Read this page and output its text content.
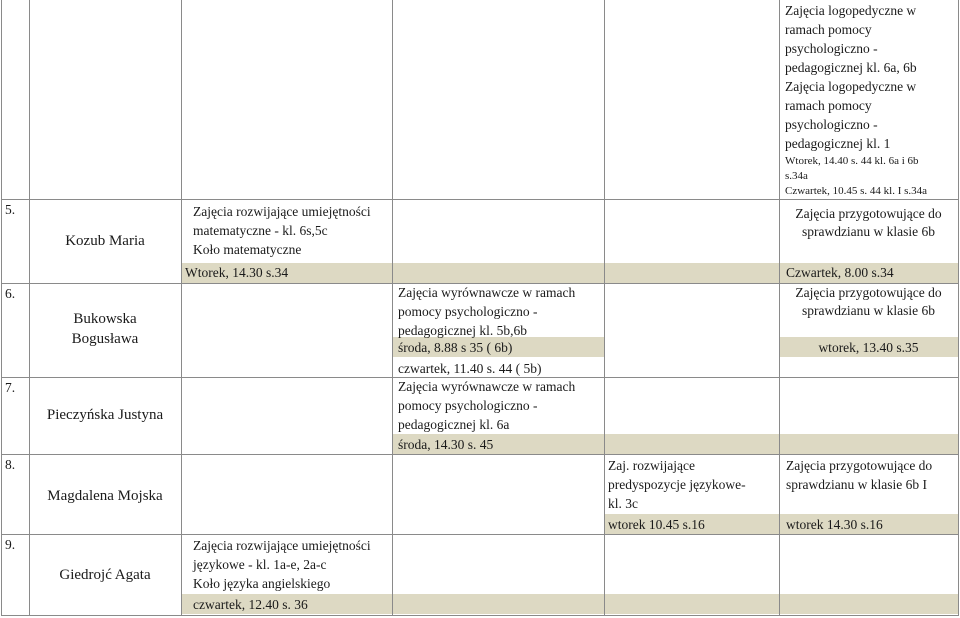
5.
Kozub Maria
Zajęcia rozwijające umiejętności
matematyczne - kl. 6s,5c
Koło matematyczne
Wtorek, 14.30 s.34
Zajęcia logopedyczne w
ramach pomocy
psychologiczno -
pedagogicznej kl. 6a, 6b
Zajęcia logopedyczne w
ramach pomocy
psychologiczno -
pedagogicznej kl. 1
Wtorek, 14.40 s. 44 kl. 6a i 6b
s.34a
Czwartek, 10.45 s. 44 kl. I s.34a
Zajęcia przygotowujące do
sprawdzianu w klasie 6b
Czwartek, 8.00 s.34
6.
Bukowska
Bogusława
Zajęcia wyrównawcze w ramach
pomocy psychologiczno -
pedagogicznej kl. 5b,6b
środa, 8.88 s 35 ( 6b)
czwartek, 11.40 s. 44 ( 5b)
Zajęcia przygotowujące do
sprawdzianu w klasie 6b
wtorek, 13.40 s.35
7.
Pieczyńska Justyna
Zajęcia wyrównawcze w ramach
pomocy psychologiczno -
pedagogicznej kl. 6a
środa, 14.30 s. 45
8.
Magdalena Mojska
Zaj. rozwijające
predyspozycje językowe-
kl. 3c
wtorek 10.45 s.16
Zajęcia przygotowujące do
sprawdzianu w klasie 6b I
wtorek 14.30 s.16
9.
Giedrojć Agata
Zajęcia rozwijające umiejętności
językowe - kl. 1a-e, 2a-c
Koło języka angielskiego
czwartek, 12.40 s. 36
